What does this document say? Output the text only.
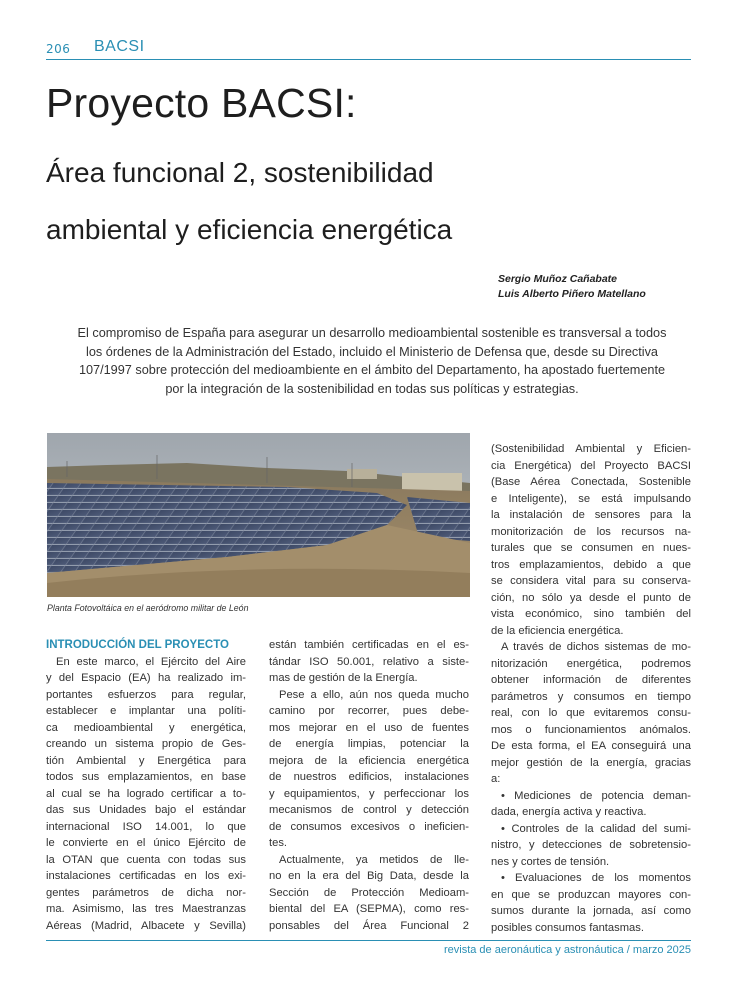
206 BACSI
Proyecto BACSI:
Área funcional 2, sostenibilidad
ambiental y eficiencia energética
Sergio Muñoz Cañabate
Luis Alberto Piñero Matellano
El compromiso de España para asegurar un desarrollo medioambiental sostenible es transversal a todos
los órdenes de la Administración del Estado, incluido el Ministerio de Defensa que, desde su Directiva
107/1997 sobre protección del medioambiente en el ámbito del Departamento, ha apostado fuertemente
por la integración de la sostenibilidad en todas sus políticas y estrategias.
Planta Fotovoltáica en el aeródromo militar de León
INTRODUCCIÓN DEL PROYECTO
En este marco, el Ejército del Aire
y del Espacio (EA) ha realizado im-
portantes esfuerzos para regular,
establecer e implantar una políti-
ca medioambiental y energética,
creando un sistema propio de Ges-
tión Ambiental y Energética para
todos sus emplazamientos, en base
al cual se ha logrado certificar a to-
das sus Unidades bajo el estándar
internacional ISO 14.001, lo que
le convierte en el único Ejército de
la OTAN que cuenta con todas sus
instalaciones certificadas en los exi-
gentes parámetros de dicha nor-
ma. Asimismo, las tres Maestranzas
Aéreas (Madrid, Albacete y Sevilla)
están también certificadas en el es-
tándar ISO 50.001, relativo a siste-
mas de gestión de la Energía.
Pese a ello, aún nos queda mucho
camino por recorrer, pues debe-
mos mejorar en el uso de fuentes
de energía limpias, potenciar la
mejora de la eficiencia energética
de nuestros edificios, instalaciones
y equipamientos, y perfeccionar los
mecanismos de control y detección
de consumos excesivos o ineficien-
tes.
Actualmente, ya metidos de lle-
no en la era del Big Data, desde la
Sección de Protección Medioam-
biental del EA (SEPMA), como res-
ponsables del Área Funcional 2
(Sostenibilidad Ambiental y Eficien-
cia Energética) del Proyecto BACSI
(Base Aérea Conectada, Sostenible
e Inteligente), se está impulsando
la instalación de sensores para la
monitorización de los recursos na-
turales que se consumen en nues-
tros emplazamientos, debido a que
se considera vital para su conserva-
ción, no sólo ya desde el punto de
vista económico, sino también del
de la eficiencia energética.
A través de dichos sistemas de mo-
nitorización energética, podremos
obtener información de diferentes
parámetros y consumos en tiempo
real, con lo que evitaremos consu-
mos o funcionamientos anómalos.
De esta forma, el EA conseguirá una
mejor gestión de la energía, gracias
a:
• Mediciones de potencia deman-
dada, energía activa y reactiva.
• Controles de la calidad del sumi-
nistro, y detecciones de sobretensio-
nes y cortes de tensión.
• Evaluaciones de los momentos
en que se produzcan mayores con-
sumos durante la jornada, así como
posibles consumos fantasmas.
revista de aeronáutica y astronáutica / marzo 2025
